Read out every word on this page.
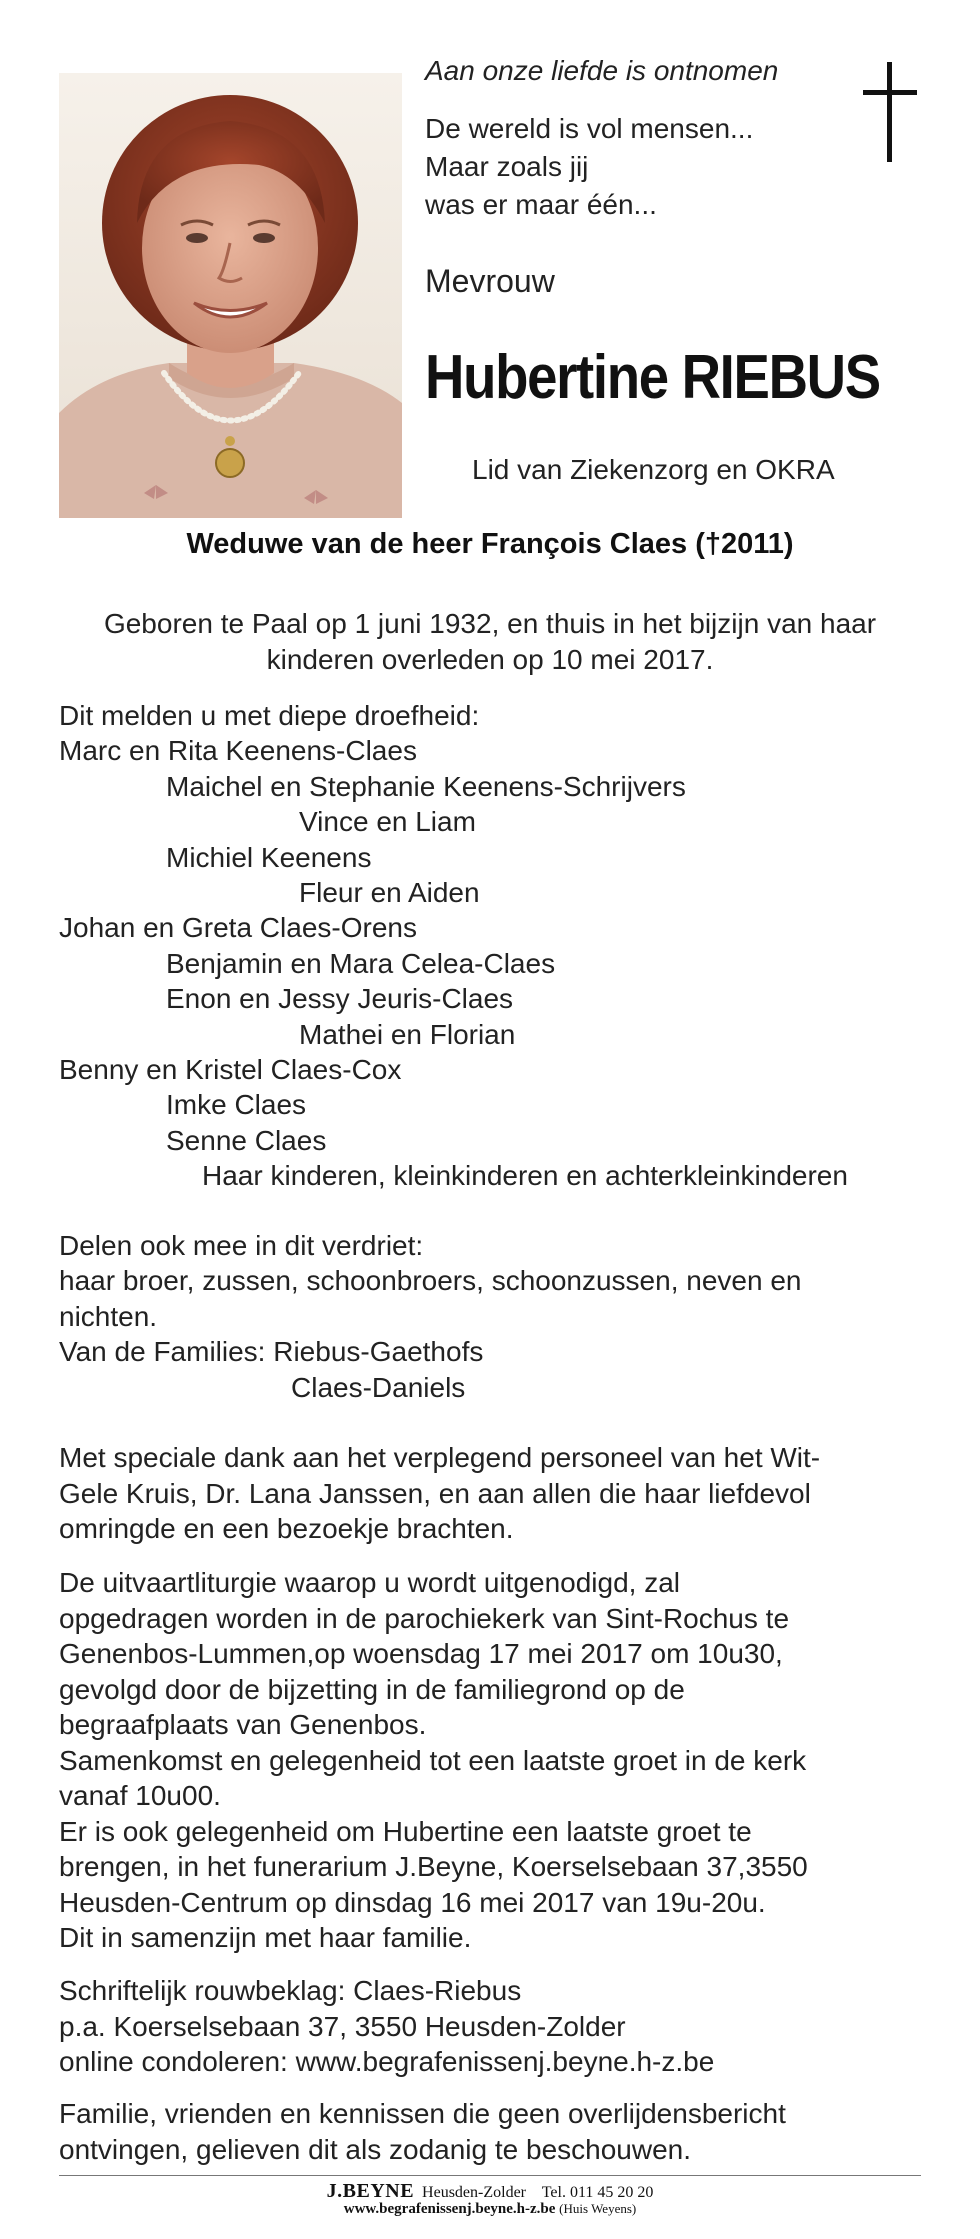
Aan onze liefde is ontnomen
De wereld is vol mensen...
Maar zoals jij
was er maar één...
Mevrouw
Hubertine RIEBUS
Lid van Ziekenzorg en OKRA
Weduwe van de heer François Claes (†2011)
Geboren te Paal op 1 juni 1932, en thuis in het bijzijn van haar
kinderen overleden op 10 mei 2017.
Dit melden u met diepe droefheid:
Marc en Rita Keenens-Claes
Maichel en Stephanie Keenens-Schrijvers
Vince en Liam
Michiel Keenens
Fleur en Aiden
Johan en Greta Claes-Orens
Benjamin en Mara Celea-Claes
Enon en Jessy Jeuris-Claes
Mathei en Florian
Benny en Kristel Claes-Cox
Imke Claes
Senne Claes
Haar kinderen, kleinkinderen en achterkleinkinderen
Delen ook mee in dit verdriet:
haar broer, zussen, schoonbroers, schoonzussen, neven en
nichten.
Van de Families: Riebus-Gaethofs
Claes-Daniels
Met speciale dank aan het verplegend personeel van het Wit-
Gele Kruis, Dr. Lana Janssen, en aan allen die haar liefdevol
omringde en een bezoekje brachten.
De uitvaartliturgie waarop u wordt uitgenodigd, zal
opgedragen worden in de parochiekerk van Sint-Rochus te
Genenbos-Lummen,op woensdag 17 mei 2017 om 10u30,
gevolgd door de bijzetting in de familiegrond op de
begraafplaats van Genenbos.
Samenkomst en gelegenheid tot een laatste groet in de kerk
vanaf 10u00.
Er is ook gelegenheid om Hubertine een laatste groet te
brengen, in het funerarium J.Beyne, Koerselsebaan 37,3550
Heusden-Centrum op dinsdag 16 mei 2017 van 19u-20u.
Dit in samenzijn met haar familie.
Schriftelijk rouwbeklag: Claes-Riebus
p.a. Koerselsebaan 37, 3550 Heusden-Zolder
online condoleren: www.begrafenissenj.beyne.h-z.be
Familie, vrienden en kennissen die geen overlijdensbericht
ontvingen, gelieven dit als zodanig te beschouwen.
J.BEYNE Heusden-Zolder Tel. 011 45 20 20
www.begrafenissenj.beyne.h-z.be (Huis Weyens)
